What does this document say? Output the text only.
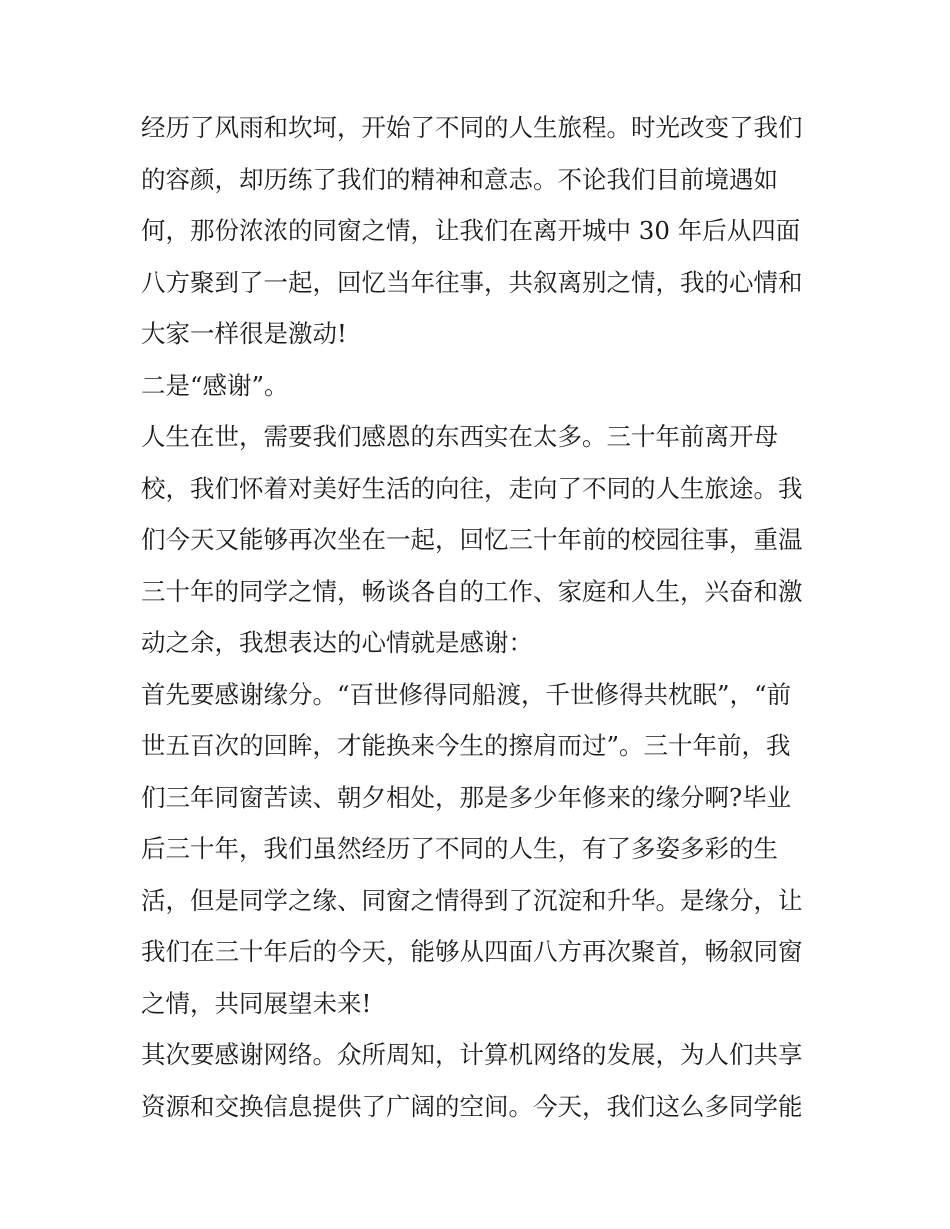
经历了风雨和坎坷，开始了不同的人生旅程。时光改变了我们
的容颜，却历练了我们的精神和意志。不论我们目前境遇如
何，那份浓浓的同窗之情，让我们在离开城中 30 年后从四面
八方聚到了一起，回忆当年往事，共叙离别之情，我的心情和
大家一样很是激动!
二是“感谢”。
人生在世，需要我们感恩的东西实在太多。三十年前离开母
校，我们怀着对美好生活的向往，走向了不同的人生旅途。我
们今天又能够再次坐在一起，回忆三十年前的校园往事，重温
三十年的同学之情，畅谈各自的工作、家庭和人生，兴奋和激
动之余，我想表达的心情就是感谢：
首先要感谢缘分。“百世修得同船渡，千世修得共枕眠”，“前
世五百次的回眸，才能换来今生的擦肩而过”。三十年前，我
们三年同窗苦读、朝夕相处，那是多少年修来的缘分啊?毕业
后三十年，我们虽然经历了不同的人生，有了多姿多彩的生
活，但是同学之缘、同窗之情得到了沉淀和升华。是缘分，让
我们在三十年后的今天，能够从四面八方再次聚首，畅叙同窗
之情，共同展望未来!
其次要感谢网络。众所周知，计算机网络的发展，为人们共享
资源和交换信息提供了广阔的空间。今天，我们这么多同学能
